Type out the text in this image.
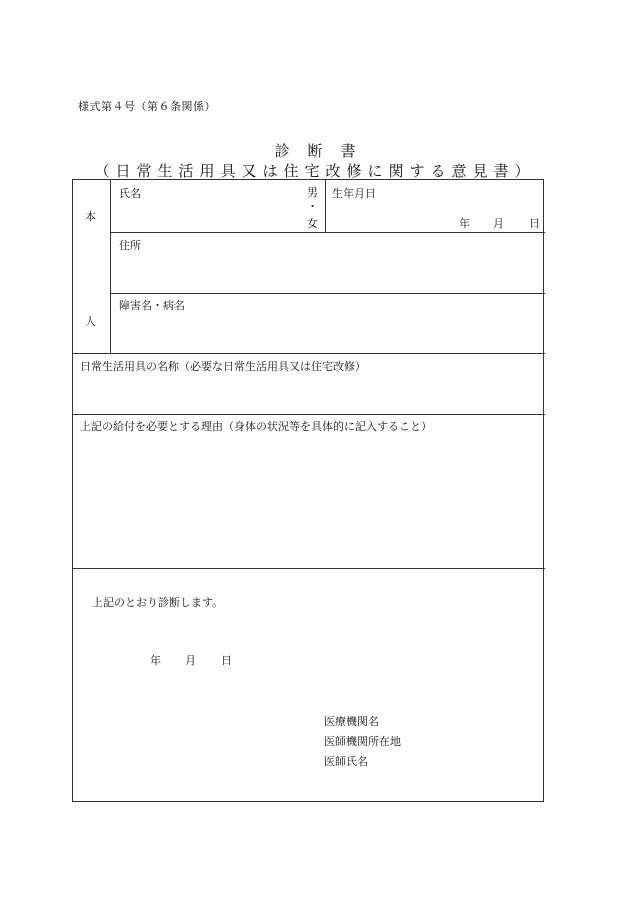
様式第４号（第６条関係）
診断書
（日常生活用具又は住宅改修に関する意見書）
本
人
氏名	男
・
女
生年月日
年 月 日
住所
障害名・病名
日常生活用具の名称（必要な日常生活用具又は住宅改修）
上記の給付を必要とする理由（身体の状況等を具体的に記入すること）
上記のとおり診断します。
年 月 日
医療機関名
医師機関所在地
医師氏名
